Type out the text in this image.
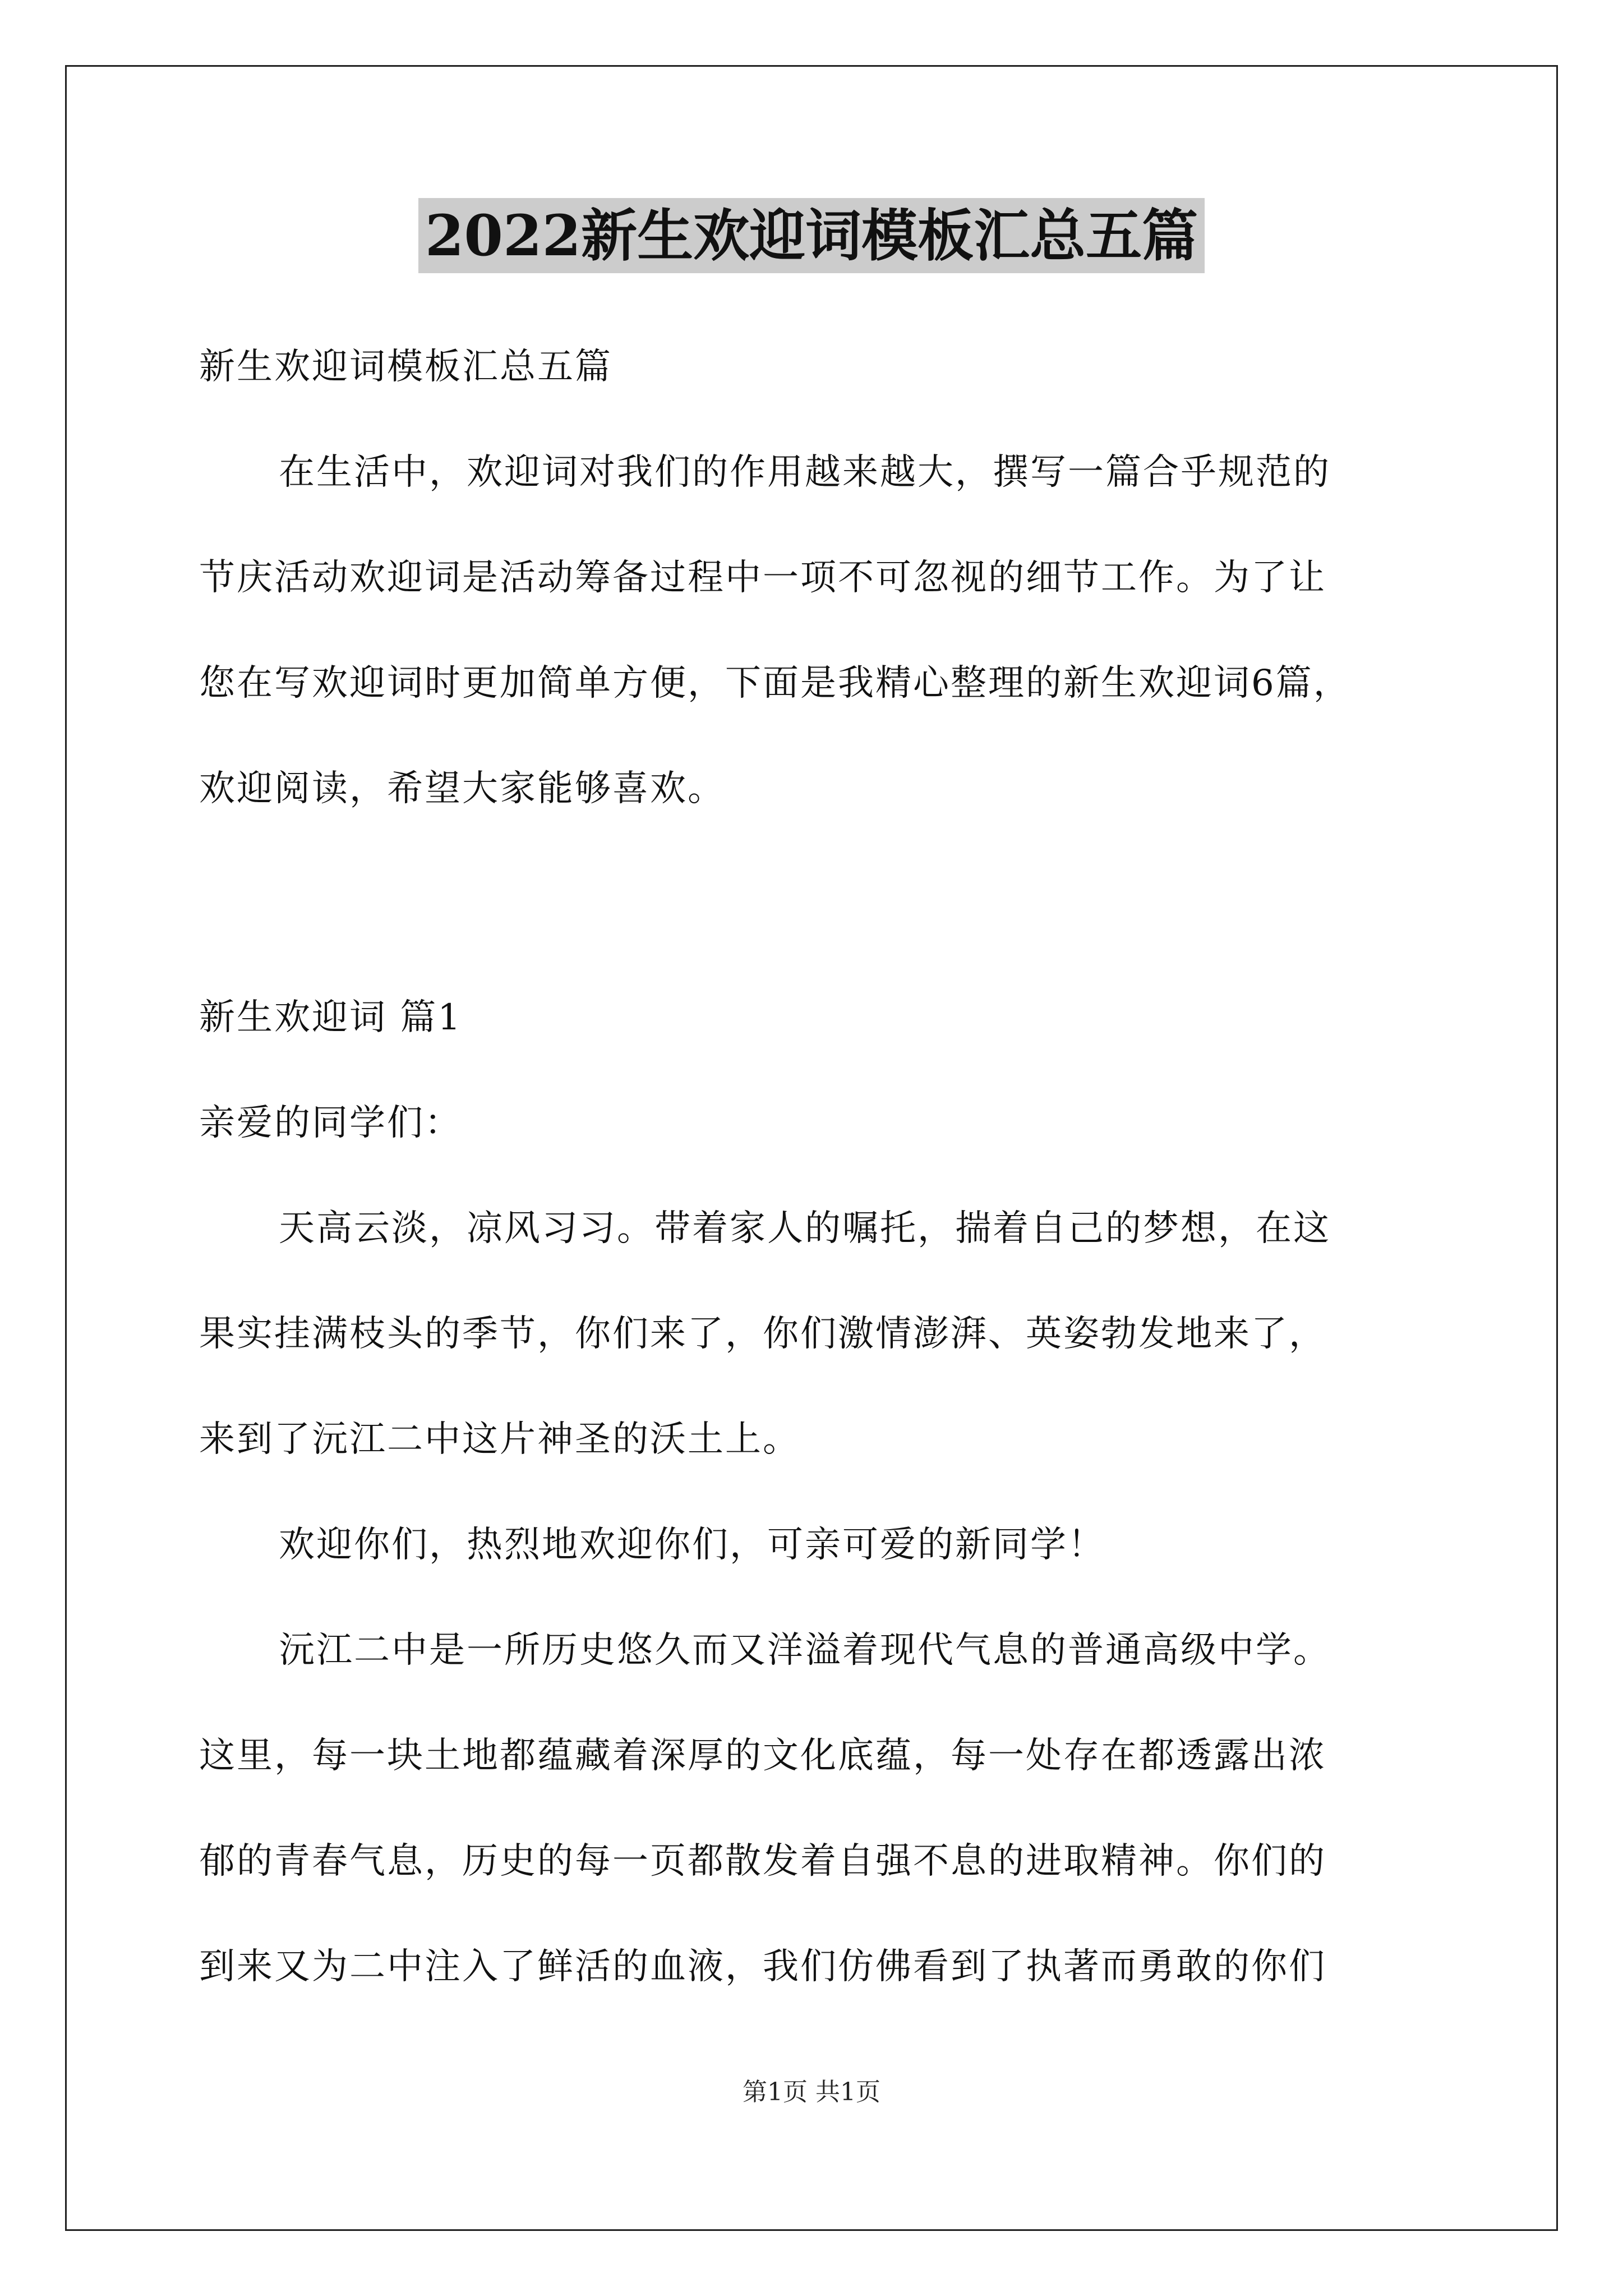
2022新生欢迎词模板汇总五篇
新生欢迎词模板汇总五篇
在生活中，欢迎词对我们的作用越来越大，撰写一篇合乎规范的
节庆活动欢迎词是活动筹备过程中一项不可忽视的细节工作。为了让
您在写欢迎词时更加简单方便，下面是我精心整理的新生欢迎词6篇，
欢迎阅读，希望大家能够喜欢。
新生欢迎词 篇1
亲爱的同学们：
天高云淡，凉风习习。带着家人的嘱托，揣着自己的梦想，在这
果实挂满枝头的季节，你们来了，你们激情澎湃、英姿勃发地来了，
来到了沅江二中这片神圣的沃土上。
欢迎你们，热烈地欢迎你们，可亲可爱的新同学！
沅江二中是一所历史悠久而又洋溢着现代气息的普通高级中学。
这里，每一块土地都蕴藏着深厚的文化底蕴，每一处存在都透露出浓
郁的青春气息，历史的每一页都散发着自强不息的进取精神。你们的
到来又为二中注入了鲜活的血液，我们仿佛看到了执著而勇敢的你们
第1页 共1页
